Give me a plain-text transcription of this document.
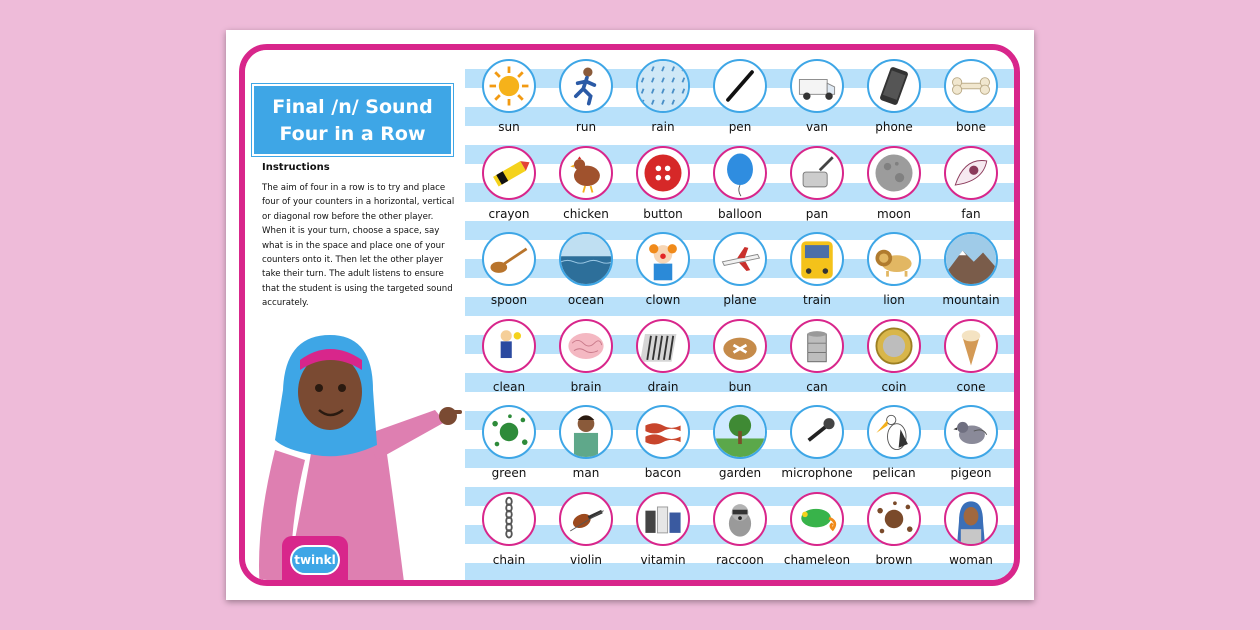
Final /n/ Sound
Four in a Row
Instructions
The aim of four in a row is to try and place four of your counters in a horizontal, vertical or diagonal row before the other player. When it is your turn, choose a space, say what is in the space and place one of your counters onto it. Then let the other player take their turn. The adult listens to ensure that the student is using the targeted sound accurately.
twinkl
sun	run	rain	pen	van	phone	bone
crayon	chicken	button	balloon	pan	moon	fan
spoon	ocean	clown	plane	train	lion	mountain
clean	brain	drain	bun	can	coin	cone
green	man	bacon	garden	microphone	pelican	pigeon
chain	violin	vitamin	raccoon	chameleon	brown	woman
